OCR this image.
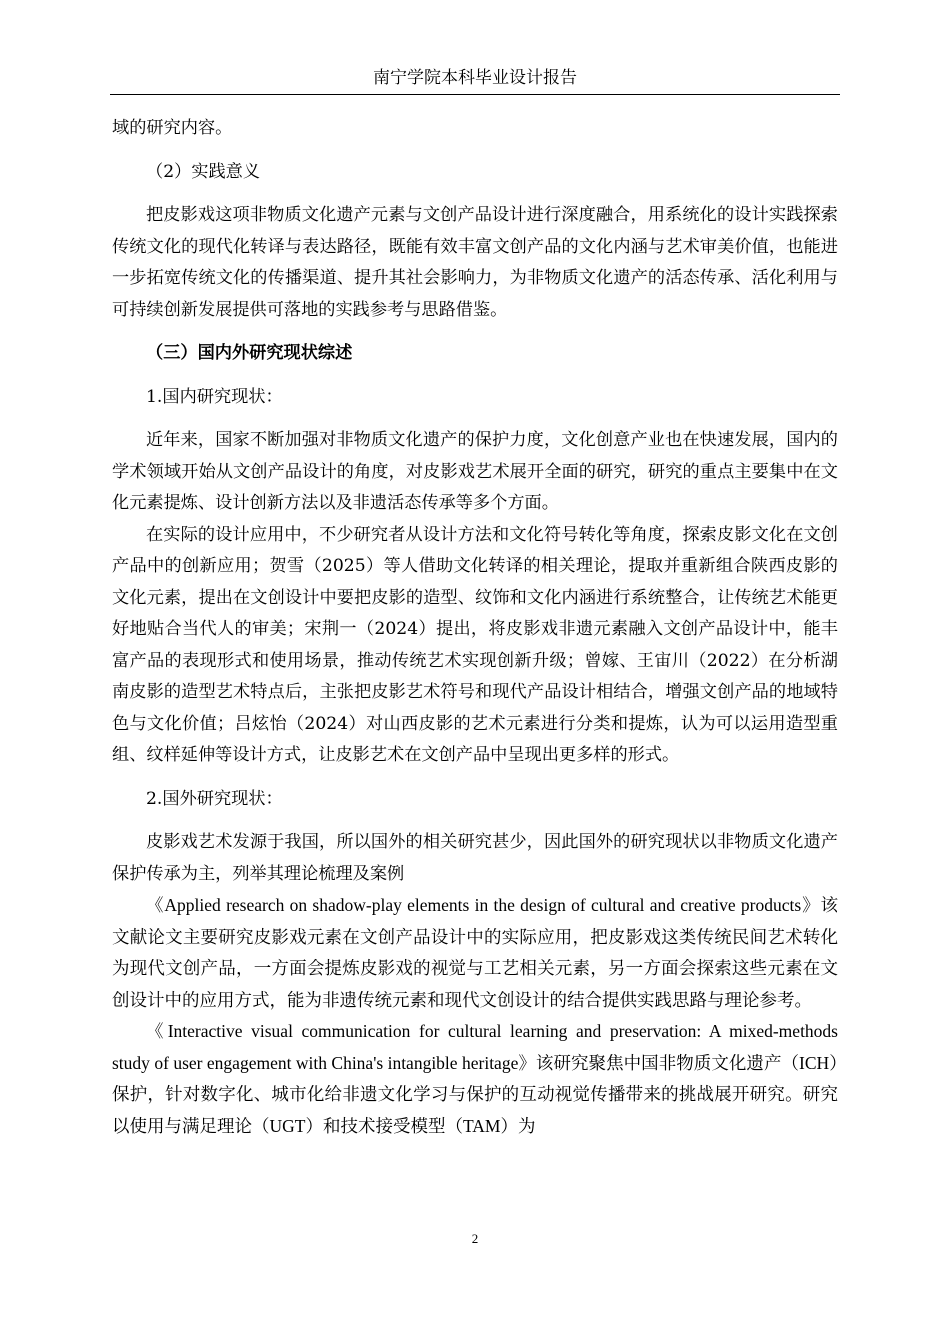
南宁学院本科毕业设计报告

域的研究内容。

（2）实践意义

把皮影戏这项非物质文化遗产元素与文创产品设计进行深度融合，用系统化的设计实践探索传统文化的现代化转译与表达路径，既能有效丰富文创产品的文化内涵与艺术审美价值，也能进一步拓宽传统文化的传播渠道、提升其社会影响力，为非物质文化遗产的活态传承、活化利用与可持续创新发展提供可落地的实践参考与思路借鉴。

（三）国内外研究现状综述

1.国内研究现状：

近年来，国家不断加强对非物质文化遗产的保护力度，文化创意产业也在快速发展，国内的学术领域开始从文创产品设计的角度，对皮影戏艺术展开全面的研究，研究的重点主要集中在文化元素提炼、设计创新方法以及非遗活态传承等多个方面。

在实际的设计应用中，不少研究者从设计方法和文化符号转化等角度，探索皮影文化在文创产品中的创新应用；贺雪（2025）等人借助文化转译的相关理论，提取并重新组合陕西皮影的文化元素，提出在文创设计中要把皮影的造型、纹饰和文化内涵进行系统整合，让传统艺术能更好地贴合当代人的审美；宋荆一（2024）提出，将皮影戏非遗元素融入文创产品设计中，能丰富产品的表现形式和使用场景，推动传统艺术实现创新升级；曾嫁、王宙川（2022）在分析湖南皮影的造型艺术特点后，主张把皮影艺术符号和现代产品设计相结合，增强文创产品的地域特色与文化价值；吕炫怡（2024）对山西皮影的艺术元素进行分类和提炼，认为可以运用造型重组、纹样延伸等设计方式，让皮影艺术在文创产品中呈现出更多样的形式。

2.国外研究现状：

皮影戏艺术发源于我国，所以国外的相关研究甚少，因此国外的研究现状以非物质文化遗产保护传承为主，列举其理论梳理及案例

《Applied research on shadow-play elements in the design of cultural and creative products》该文献论文主要研究皮影戏元素在文创产品设计中的实际应用，把皮影戏这类传统民间艺术转化为现代文创产品，一方面会提炼皮影戏的视觉与工艺相关元素，另一方面会探索这些元素在文创设计中的应用方式，能为非遗传统元素和现代文创设计的结合提供实践思路与理论参考。

《Interactive visual communication for cultural learning and preservation: A mixed-methods study of user engagement with China's intangible heritage》该研究聚焦中国非物质文化遗产（ICH）保护，针对数字化、城市化给非遗文化学习与保护的互动视觉传播带来的挑战展开研究。研究以使用与满足理论（UGT）和技术接受模型（TAM）为

2
